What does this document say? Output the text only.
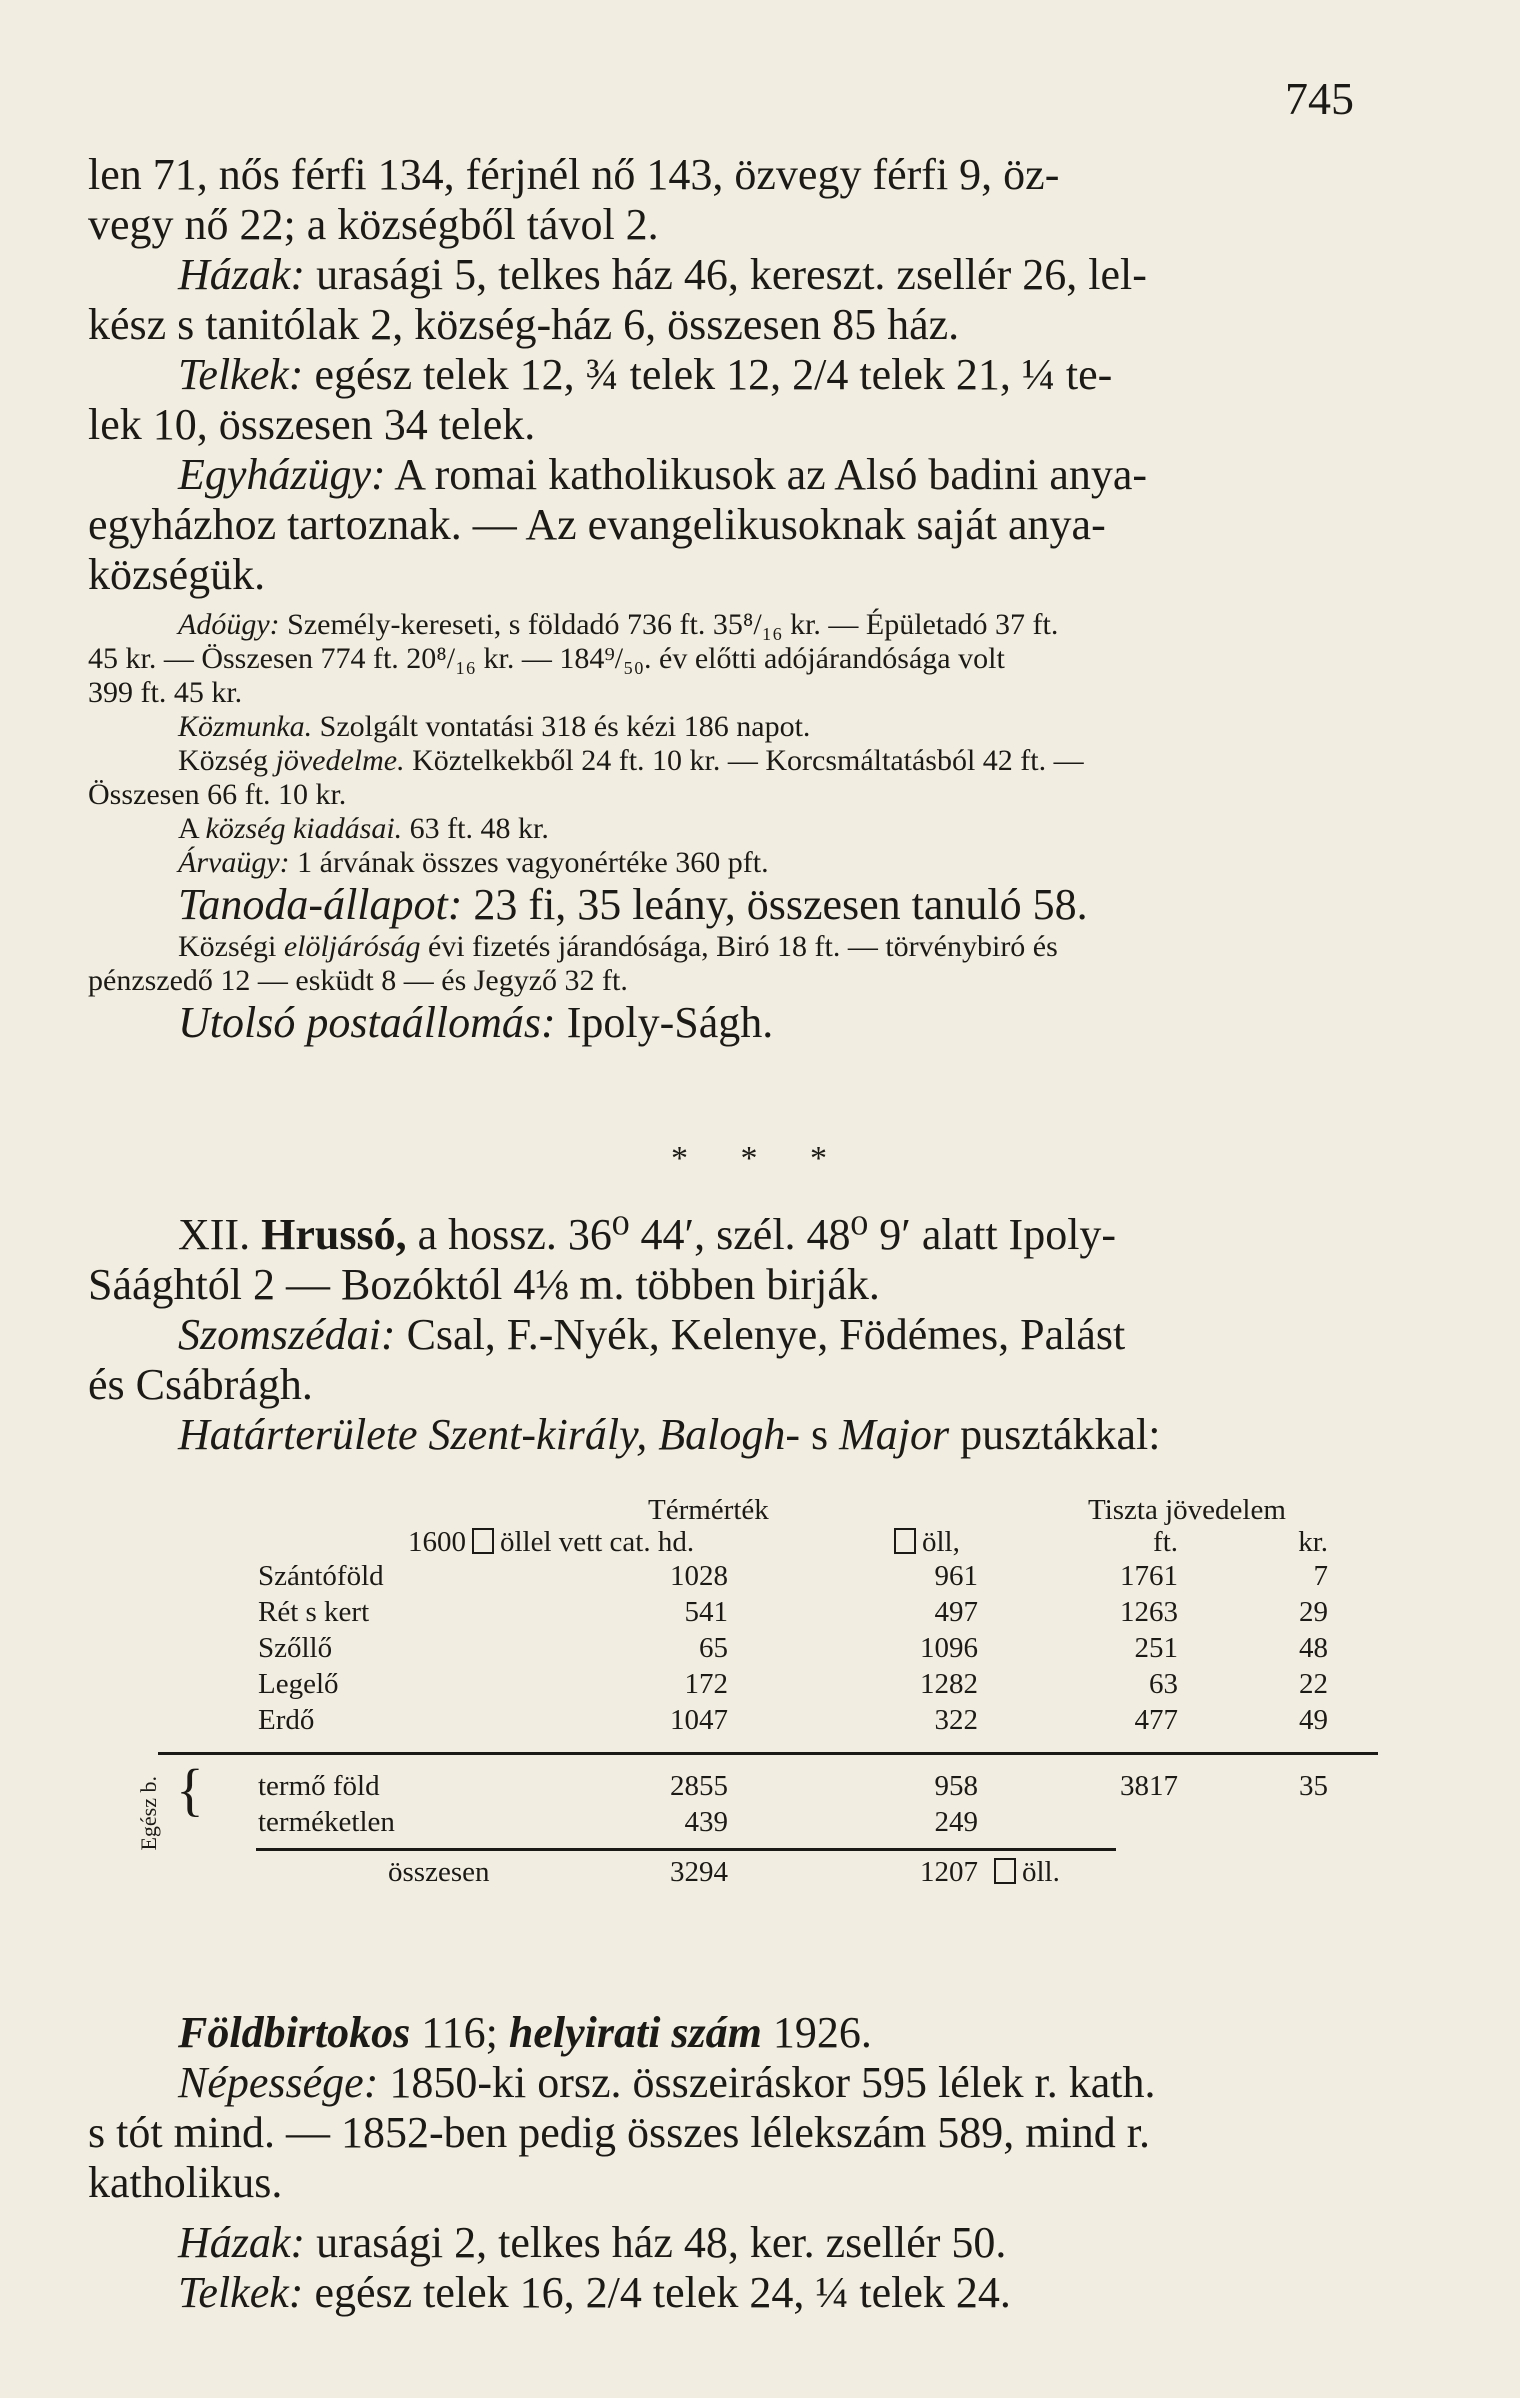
745

len 71, nős férfi 134, férjnél nő 143, özvegy férfi 9, öz-

vegy nő 22; a községből távol 2.

Házak: urasági 5, telkes ház 46, kereszt. zsellér 26, lel-

kész s tanitólak 2, község-ház 6, összesen 85 ház.

Telkek: egész telek 12, ¾ telek 12, 2/4 telek 21, ¼ te-

lek 10, összesen 34 telek.

Egyházügy: A romai katholikusok az Alsó badini anya-

egyházhoz tartoznak. — Az evangelikusoknak saját anya-

községük.

Adóügy: Személy-kereseti, s földadó 736 ft. 35⁸/₁₆ kr. — Épületadó 37 ft.

45 kr. — Összesen 774 ft. 20⁸/₁₆ kr. — 184⁹/₅₀. év előtti adójárandósága volt

399 ft. 45 kr.

Közmunka. Szolgált vontatási 318 és kézi 186 napot.

Község jövedelme. Köztelkekből 24 ft. 10 kr. — Korcsmáltatásból 42 ft. —

Összesen 66 ft. 10 kr.

A község kiadásai. 63 ft. 48 kr.

Árvaügy: 1 árvának összes vagyonértéke 360 pft.

Tanoda-állapot: 23 fi, 35 leány, összesen tanuló 58.

Községi elöljáróság évi fizetés járandósága, Biró 18 ft. — törvénybiró és

pénzszedő 12 — esküdt 8 — és Jegyző 32 ft.

Utolsó postaállomás: Ipoly-Ságh.

* * *

XII. Hrussó, a hossz. 36⁰ 44′, szél. 48⁰ 9′ alatt Ipoly-

Sáághtól 2 — Bozóktól 4⅛ m. többen birják.

Szomszédai: Csal, F.-Nyék, Kelenye, Födémes, Palást

és Csábrágh.

Határterülete Szent-király, Balogh- s Major pusztákkal:

Térmérték	Tiszta jövedelem
1600 öllel vett cat. hd.	öll,	ft.	kr.
Szántóföld	1028	961	1761	7
Rét s kert	541	497	1263	29
Szőllő	65	1096	251	48
Legelő	172	1282	63	22
Erdő	1047	322	477	49
termő föld	2855	958	3817	35
terméketlen	439	249
összesen	3294	1207	öll.
{
Egész b.

Földbirtokos 116; helyirati szám 1926.

Népessége: 1850-ki orsz. összeiráskor 595 lélek r. kath.

s tót mind. — 1852-ben pedig összes lélekszám 589, mind r.

katholikus.

Házak: urasági 2, telkes ház 48, ker. zsellér 50.

Telkek: egész telek 16, 2/4 telek 24, ¼ telek 24.
